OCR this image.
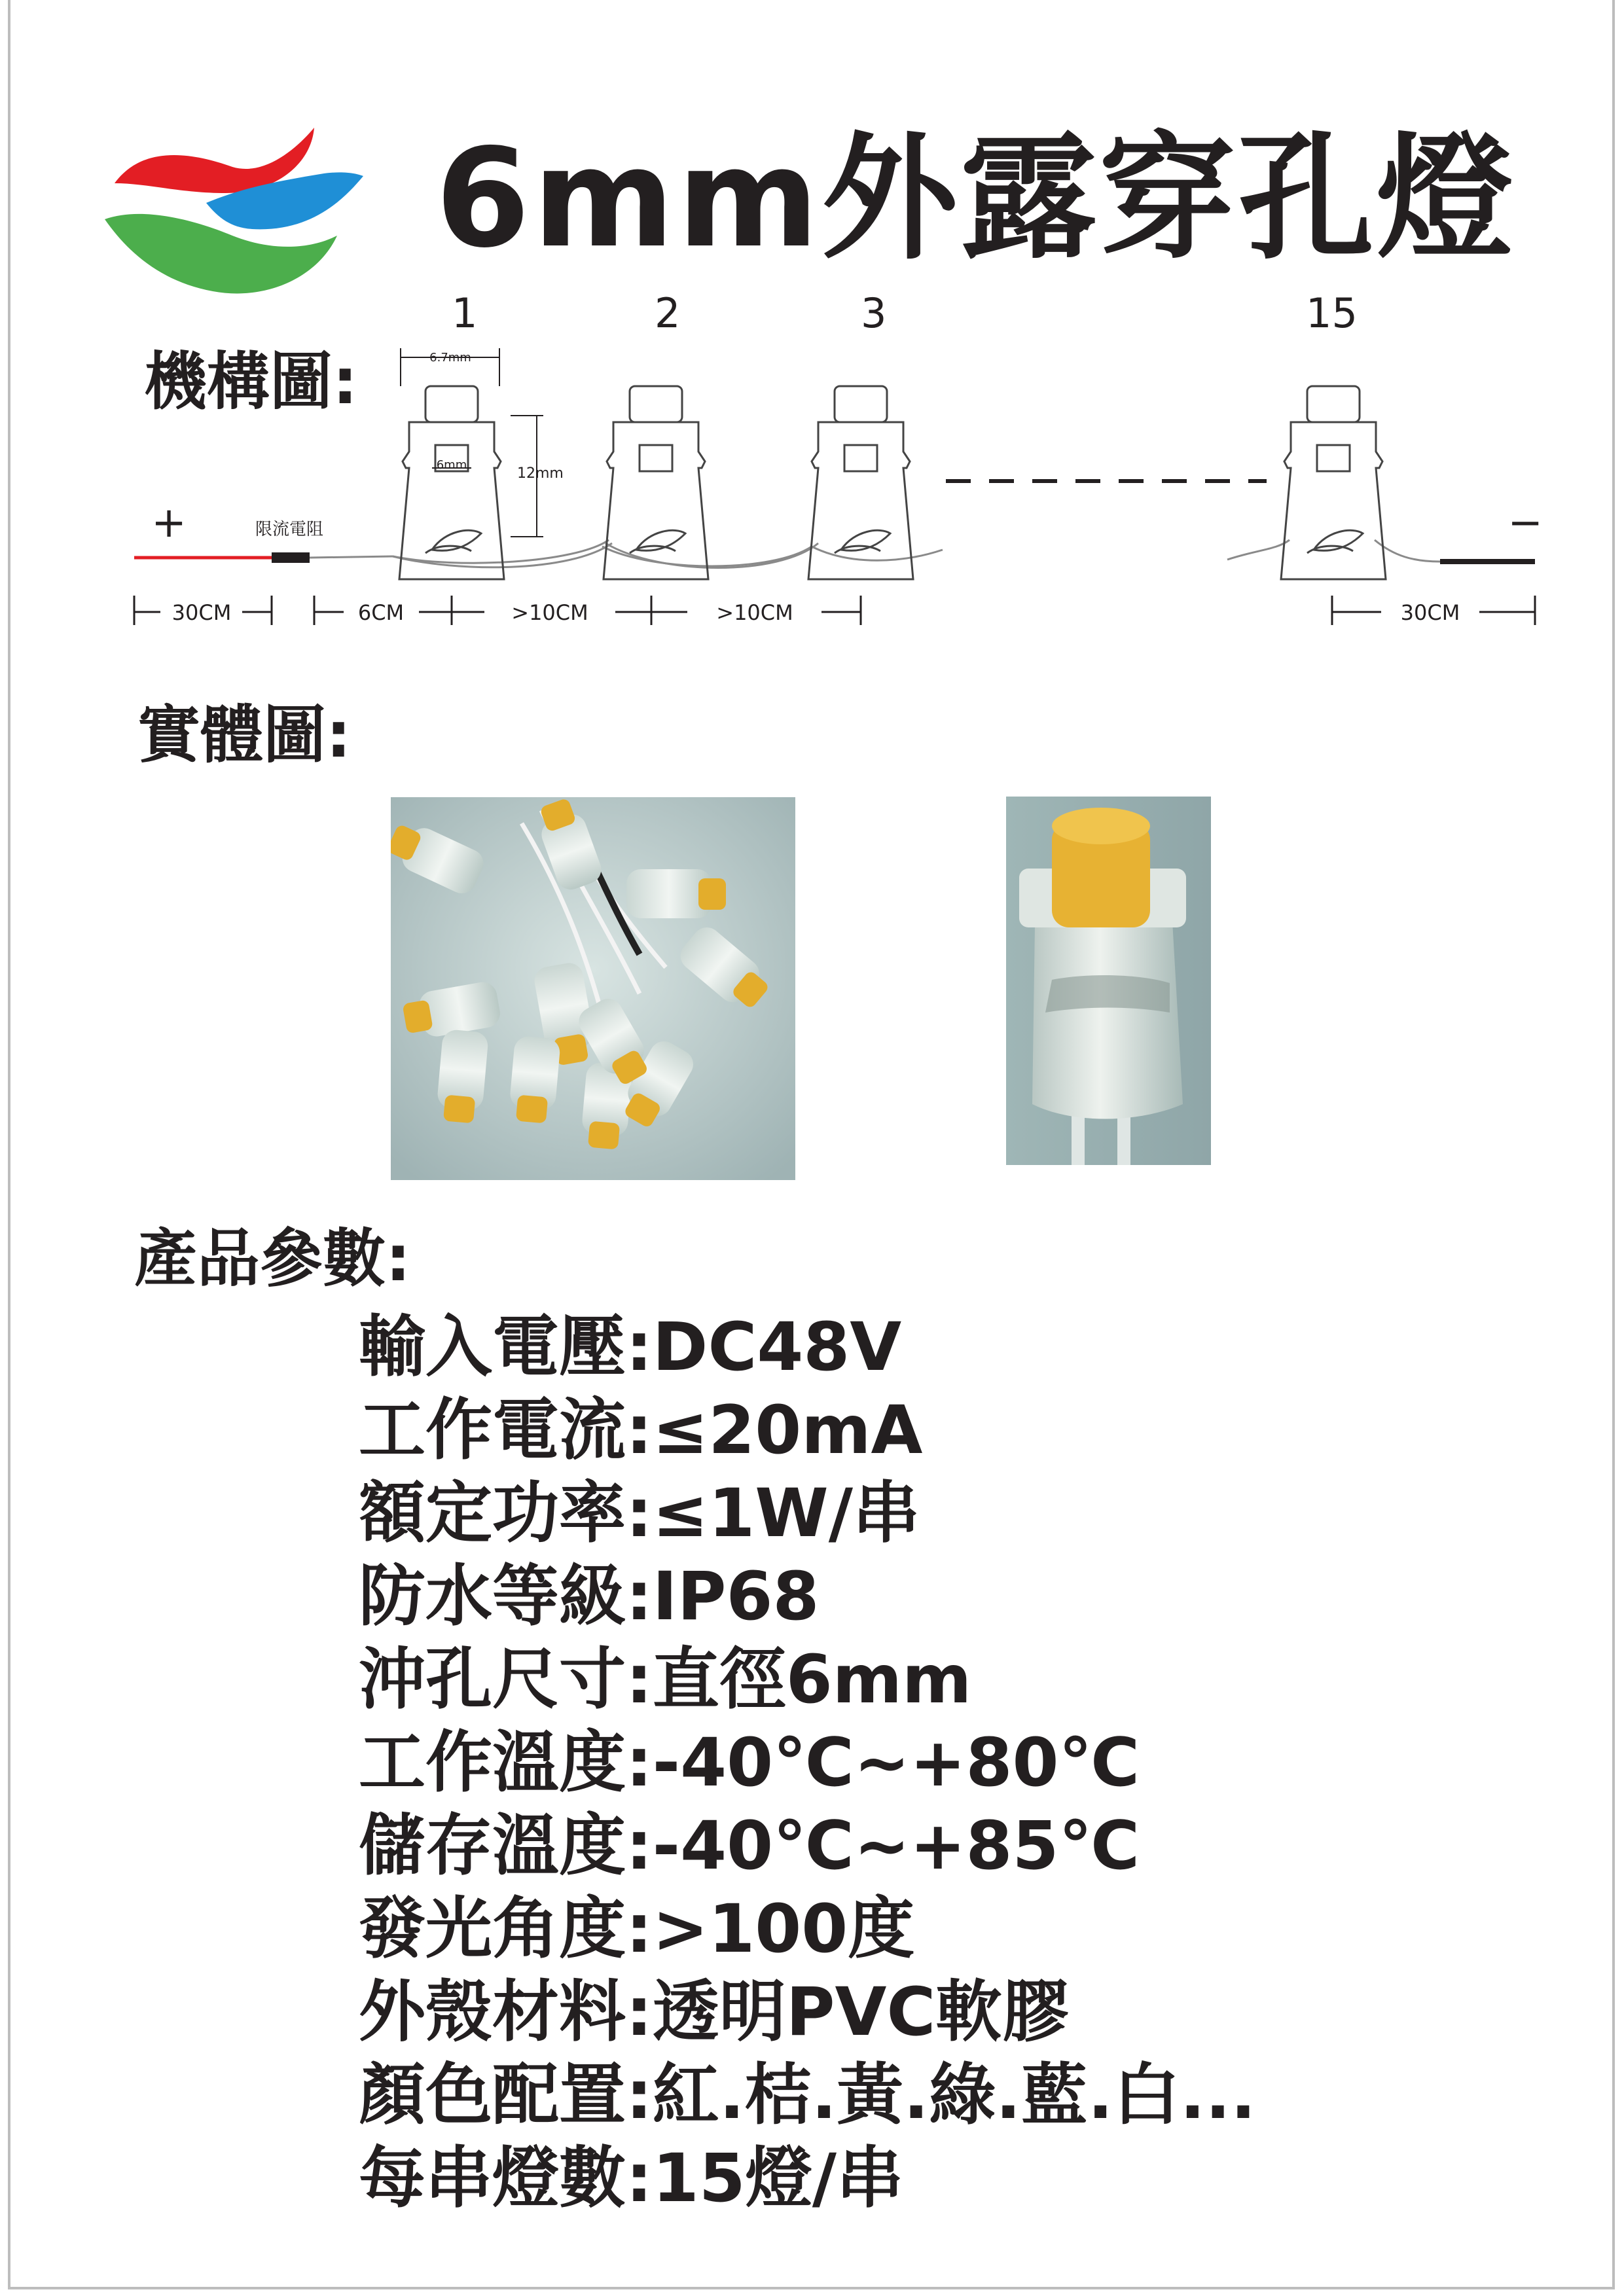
6mm外露穿孔燈
機構圖:
1	2	3	15
6.7mm
6mm
12mm
+	−
限流電阻
30CM	6CM	>10CM	>10CM	30CM
實體圖:
產品參數:
輸入電壓:DC48V
工作電流:≤20mA
額定功率:≤1W/串
防水等級:IP68
沖孔尺寸:直徑6mm
工作溫度:-40℃~+80℃
儲存溫度:-40℃~+85℃
發光角度:>100度
外殼材料:透明PVC軟膠
顏色配置:紅.桔.黃.綠.藍.白...
每串燈數:15燈/串
